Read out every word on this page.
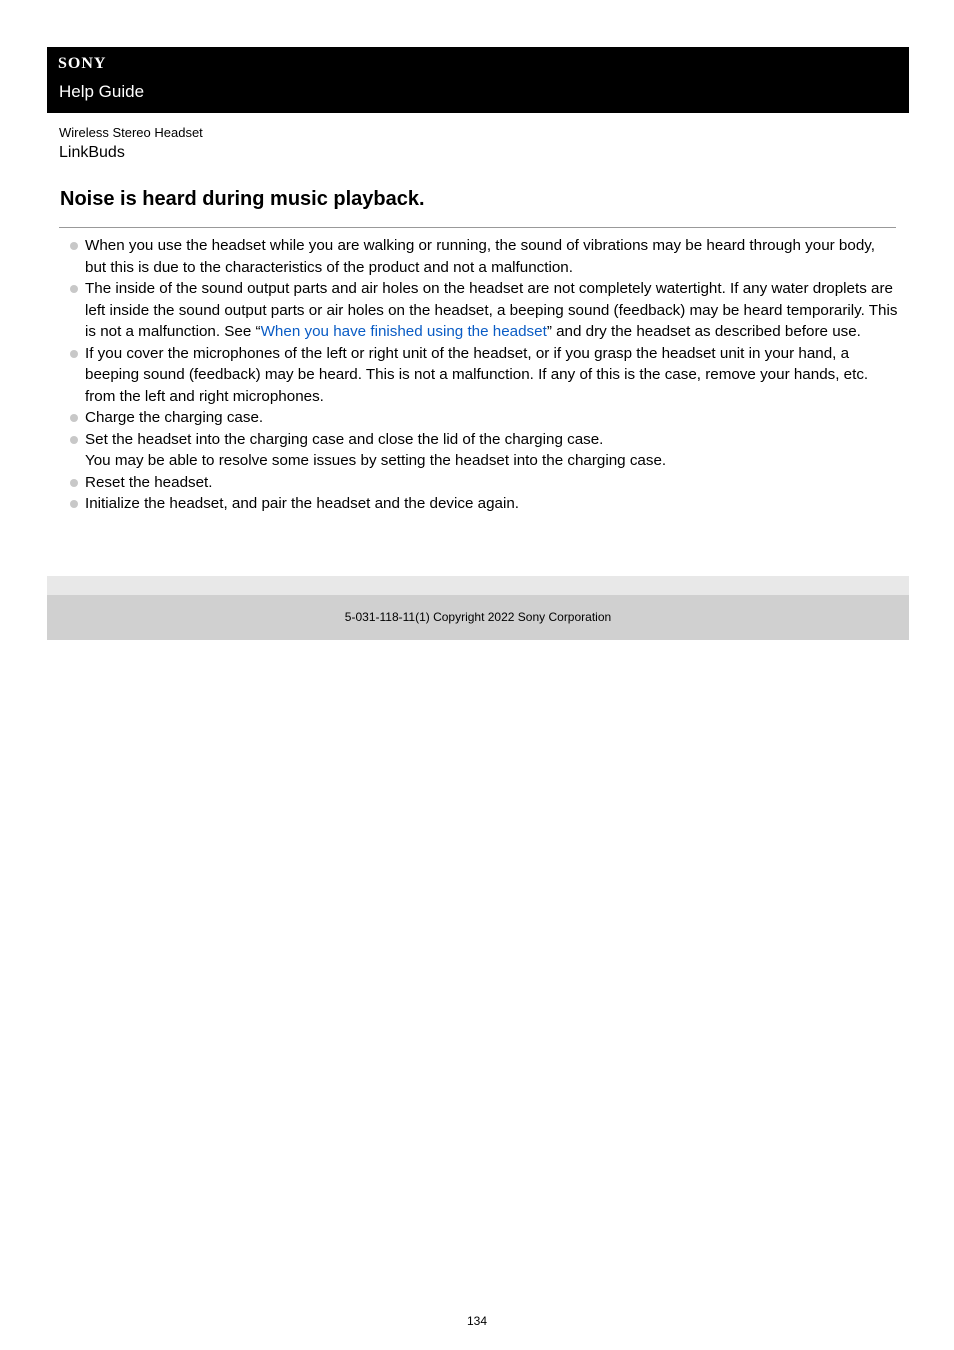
SONY
Help Guide
Wireless Stereo Headset
LinkBuds
Noise is heard during music playback.
When you use the headset while you are walking or running, the sound of vibrations may be heard through your body, but this is due to the characteristics of the product and not a malfunction.
The inside of the sound output parts and air holes on the headset are not completely watertight. If any water droplets are left inside the sound output parts or air holes on the headset, a beeping sound (feedback) may be heard temporarily. This is not a malfunction. See “When you have finished using the headset” and dry the headset as described before use.
If you cover the microphones of the left or right unit of the headset, or if you grasp the headset unit in your hand, a beeping sound (feedback) may be heard. This is not a malfunction. If any of this is the case, remove your hands, etc. from the left and right microphones.
Charge the charging case.
Set the headset into the charging case and close the lid of the charging case.
You may be able to resolve some issues by setting the headset into the charging case.
Reset the headset.
Initialize the headset, and pair the headset and the device again.
5-031-118-11(1) Copyright 2022 Sony Corporation
134
